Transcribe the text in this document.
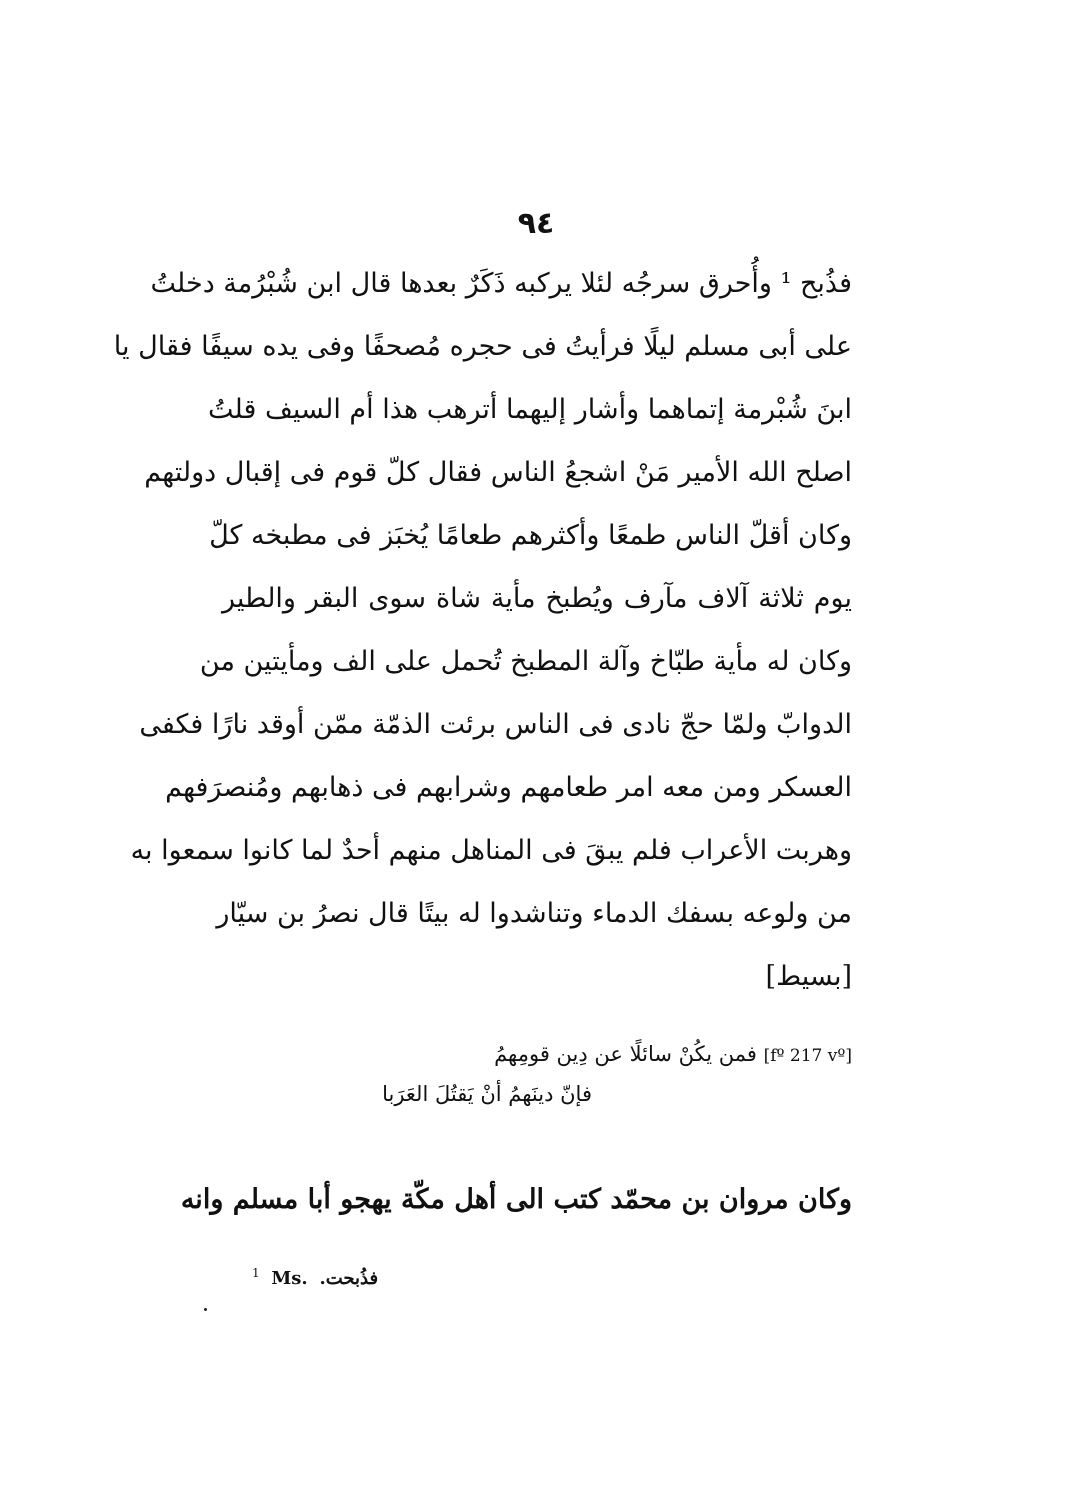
٩٤
فذُبح ¹ وأُحرق سرجُه لئلا يركبه ذَكَرٌ بعدها قال ابن شُبْرُمة دخلتُ
على أبى مسلم ليلًا فرأيتُ فى حجره مُصحفًا وفى يده سيفًا فقال يا
ابنَ شُبْرمة إتماهما وأشار إليهما أترهب هذا أم السيف قلتُ
اصلح الله الأمير مَنْ اشجعُ الناس فقال كلّ قوم فى إقبال دولتهم
وكان أقلّ الناس طمعًا وأكثرهم طعامًا يُخبَز فى مطبخه كلّ
يوم ثلاثة آلاف مآرف ويُطبخ مأية شاة سوى البقر والطير
وكان له مأية طبّاخ وآلة المطبخ تُحمل على الف ومأيتين من
الدوابّ ولمّا حجّ نادى فى الناس برئت الذمّة ممّن أوقد نارًا فكفى
العسكر ومن معه امر طعامهم وشرابهم فى ذهابهم ومُنصرَفهم
وهربت الأعراب فلم يبقَ فى المناهل منهم أحدٌ لما كانوا سمعوا به
من ولوعه بسفك الدماء وتناشدوا له بيتًا قال نصرُ بن سيّار
[بسيط]
[fº 217 vº] فمن يكُنْ سائلًا عن دِين قومِهمُ
فإنّ دينَهمُ أنْ يَقتُلَ العَرَبا
وكان مروان بن محمّد كتب الى أهل مكّة يهجو أبا مسلم وانه
$^1$ Ms. فذُبحت.
